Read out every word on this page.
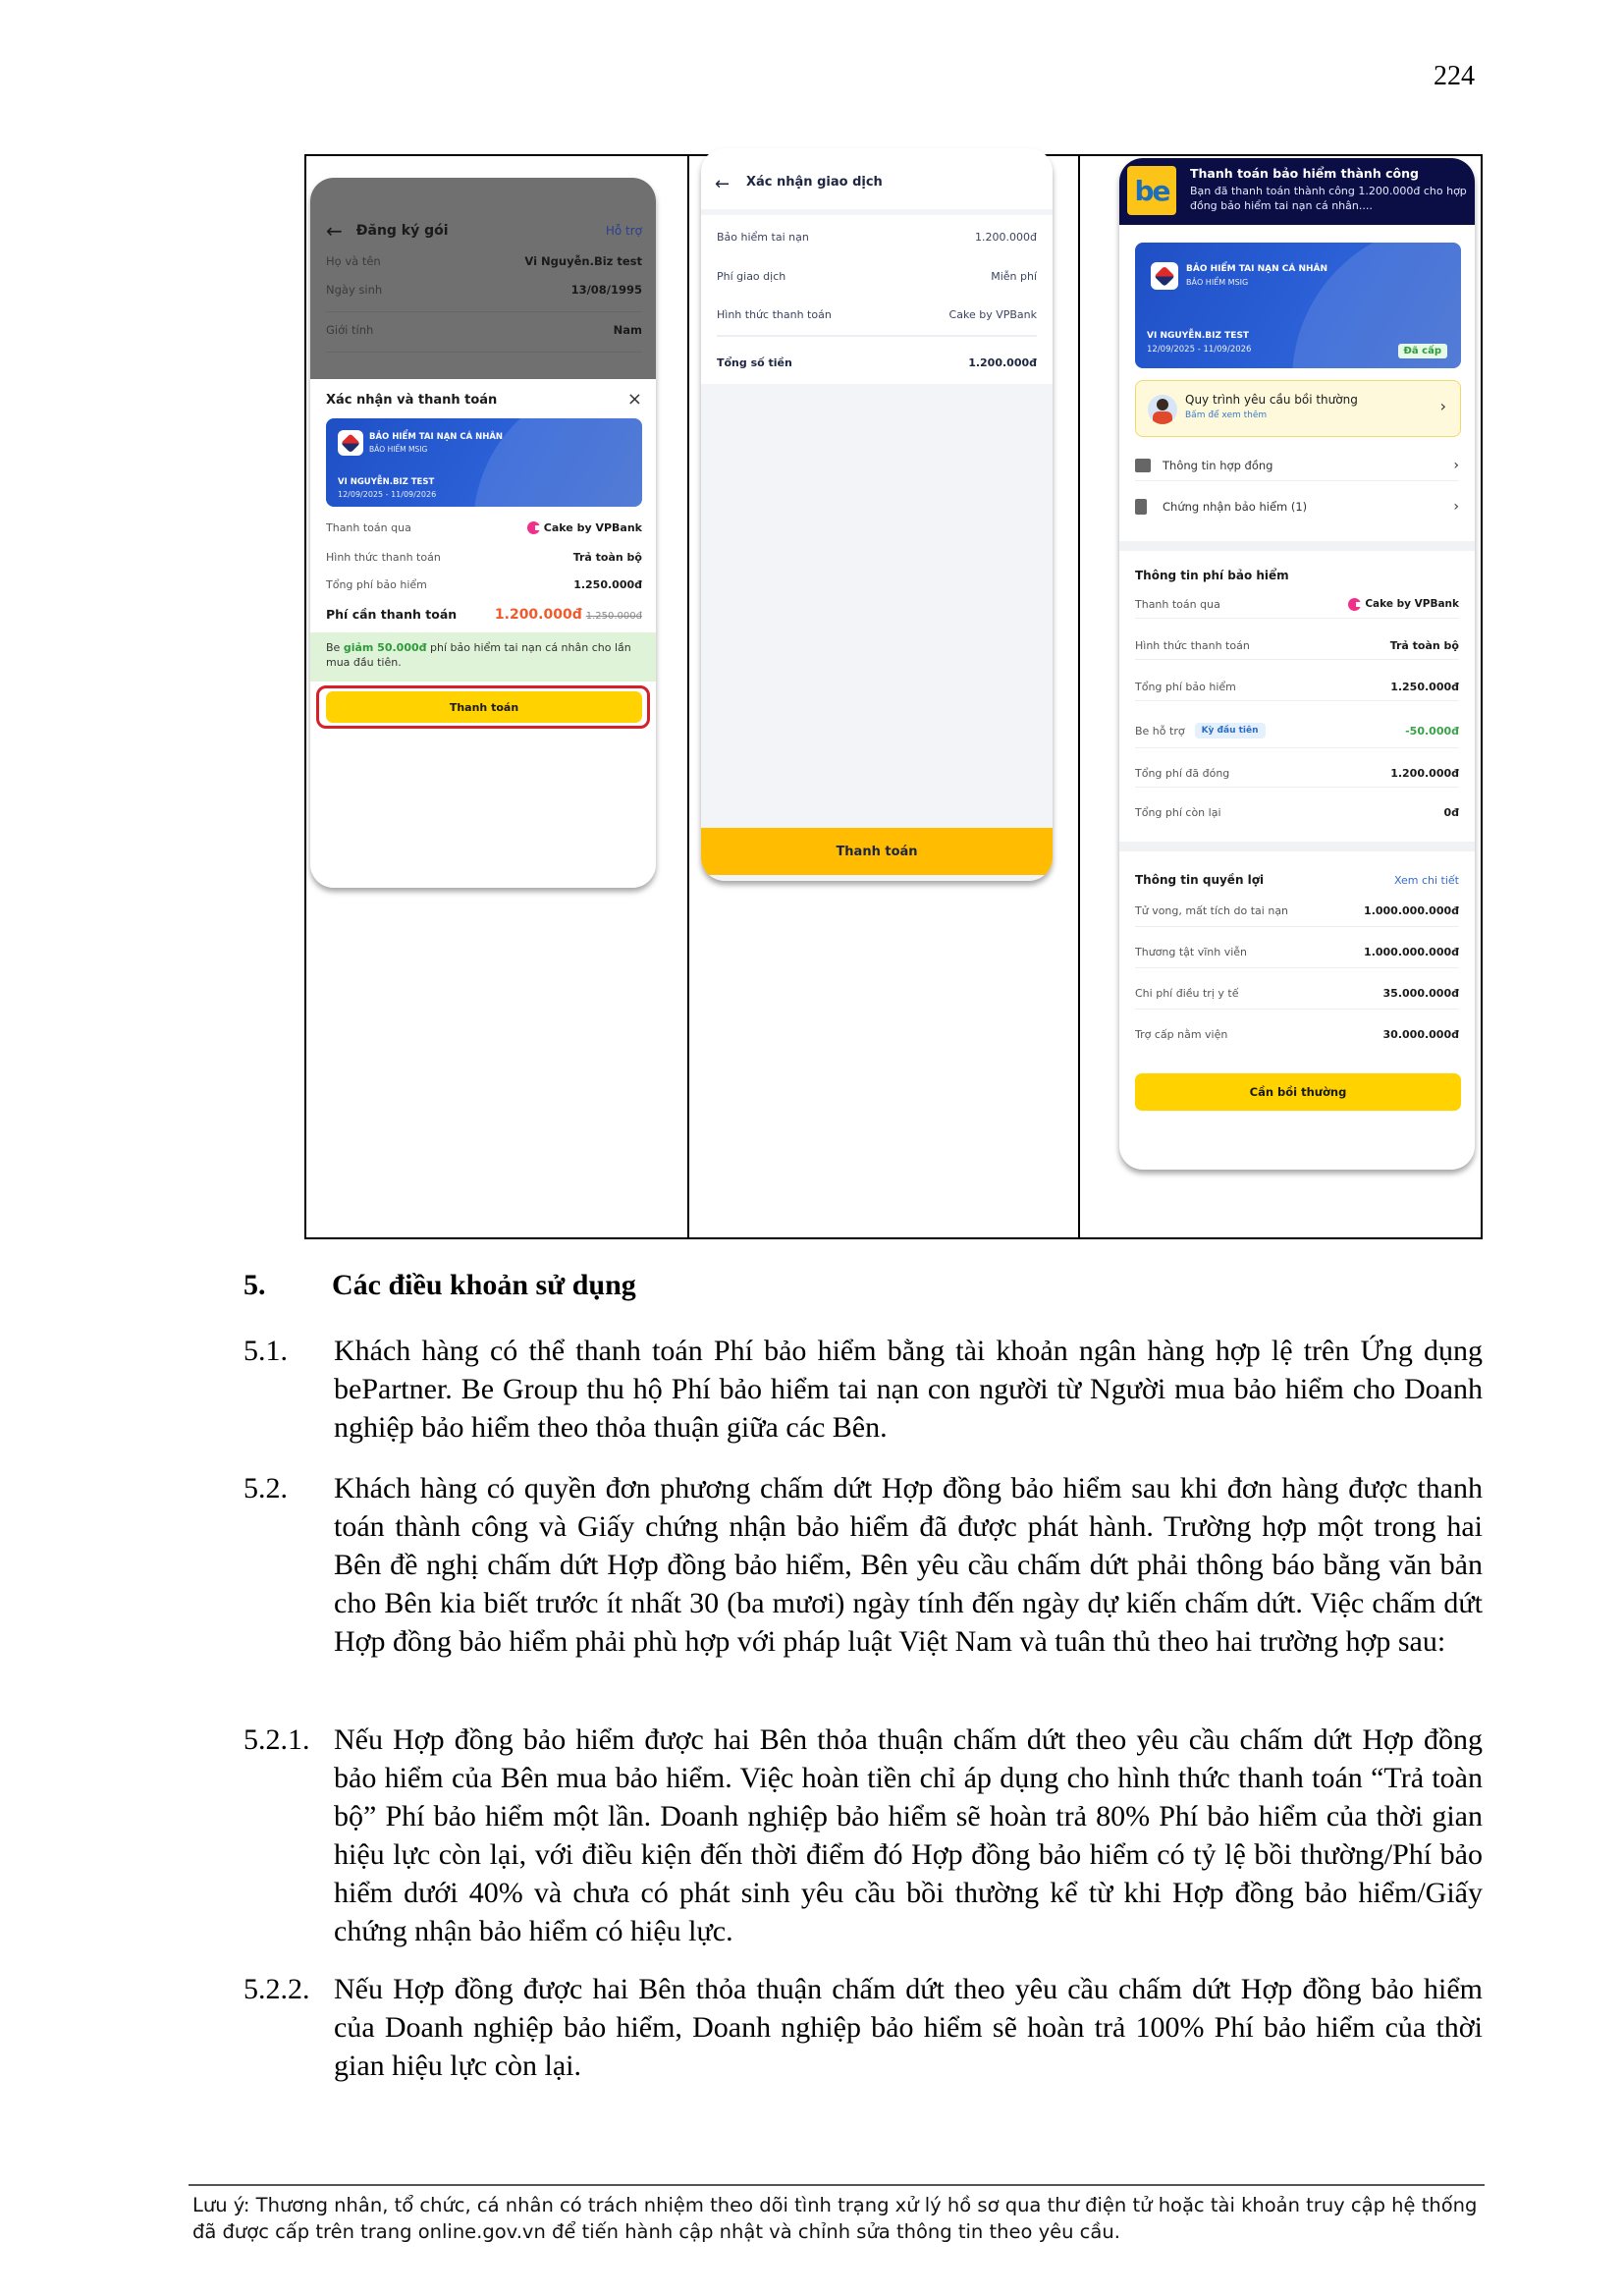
224
← Đăng ký gói	Hỗ trợ
Họ và tên	Vi Nguyễn.Biz test
Ngày sinh	13/08/1995
Giới tính	Nam
Xác nhận và thanh toán	×
BẢO HIỂM TAI NẠN CÁ NHÂN
BẢO HIỂM MSIG
VI NGUYỄN.BIZ TEST
12/09/2025 - 11/09/2026
Thanh toán qua	Cake by VPBank
Hình thức thanh toán	Trả toàn bộ
Tổng phí bảo hiểm	1.250.000đ
Phí cần thanh toán	1.200.000đ 1.250.000đ
Be giảm 50.000đ phí bảo hiểm tai nạn cá nhân cho lần mua đầu tiên.
Thanh toán
← Xác nhận giao dịch
Bảo hiểm tai nạn	1.200.000đ
Phí giao dịch	Miễn phí
Hình thức thanh toán	Cake by VPBank
Tổng số tiền	1.200.000đ
Thanh toán
be
Thanh toán bảo hiểm thành công
Bạn đã thanh toán thành công 1.200.000đ cho hợp đồng bảo hiểm tai nạn cá nhân....
BẢO HIỂM TAI NẠN CÁ NHÂN
BẢO HIỂM MSIG
VI NGUYỄN.BIZ TEST
12/09/2025 - 11/09/2026	Đã cấp
Quy trình yêu cầu bồi thường
Bấm để xem thêm	›
Thông tin hợp đồng	›
Chứng nhận bảo hiểm (1)	›
Thông tin phí bảo hiểm
Thanh toán qua	Cake by VPBank
Hình thức thanh toán	Trả toàn bộ
Tổng phí bảo hiểm	1.250.000đ
Be hỗ trợ	Kỳ đầu tiên	-50.000đ
Tổng phí đã đóng	1.200.000đ
Tổng phí còn lại	0đ
Thông tin quyền lợi	Xem chi tiết
Tử vong, mất tích do tai nạn	1.000.000.000đ
Thương tật vĩnh viễn	1.000.000.000đ
Chi phí điều trị y tế	35.000.000đ
Trợ cấp nằm viện	30.000.000đ
Cần bồi thường
5. Các điều khoản sử dụng
5.1. Khách hàng có thể thanh toán Phí bảo hiểm bằng tài khoản ngân hàng hợp lệ trên Ứng dụng bePartner. Be Group thu hộ Phí bảo hiểm tai nạn con người từ Người mua bảo hiểm cho Doanh nghiệp bảo hiểm theo thỏa thuận giữa các Bên.
5.2. Khách hàng có quyền đơn phương chấm dứt Hợp đồng bảo hiểm sau khi đơn hàng được thanh toán thành công và Giấy chứng nhận bảo hiểm đã được phát hành. Trường hợp một trong hai Bên đề nghị chấm dứt Hợp đồng bảo hiểm, Bên yêu cầu chấm dứt phải thông báo bằng văn bản cho Bên kia biết trước ít nhất 30 (ba mươi) ngày tính đến ngày dự kiến chấm dứt. Việc chấm dứt Hợp đồng bảo hiểm phải phù hợp với pháp luật Việt Nam và tuân thủ theo hai trường hợp sau:
5.2.1. Nếu Hợp đồng bảo hiểm được hai Bên thỏa thuận chấm dứt theo yêu cầu chấm dứt Hợp đồng bảo hiểm của Bên mua bảo hiểm. Việc hoàn tiền chỉ áp dụng cho hình thức thanh toán “Trả toàn bộ” Phí bảo hiểm một lần. Doanh nghiệp bảo hiểm sẽ hoàn trả 80% Phí bảo hiểm của thời gian hiệu lực còn lại, với điều kiện đến thời điểm đó Hợp đồng bảo hiểm có tỷ lệ bồi thường/Phí bảo hiểm dưới 40% và chưa có phát sinh yêu cầu bồi thường kể từ khi Hợp đồng bảo hiểm/Giấy chứng nhận bảo hiểm có hiệu lực.
5.2.2. Nếu Hợp đồng được hai Bên thỏa thuận chấm dứt theo yêu cầu chấm dứt Hợp đồng bảo hiểm của Doanh nghiệp bảo hiểm, Doanh nghiệp bảo hiểm sẽ hoàn trả 100% Phí bảo hiểm của thời gian hiệu lực còn lại.
Lưu ý: Thương nhân, tổ chức, cá nhân có trách nhiệm theo dõi tình trạng xử lý hồ sơ qua thư điện tử hoặc tài khoản truy cập hệ thống đã được cấp trên trang online.gov.vn để tiến hành cập nhật và chỉnh sửa thông tin theo yêu cầu.
